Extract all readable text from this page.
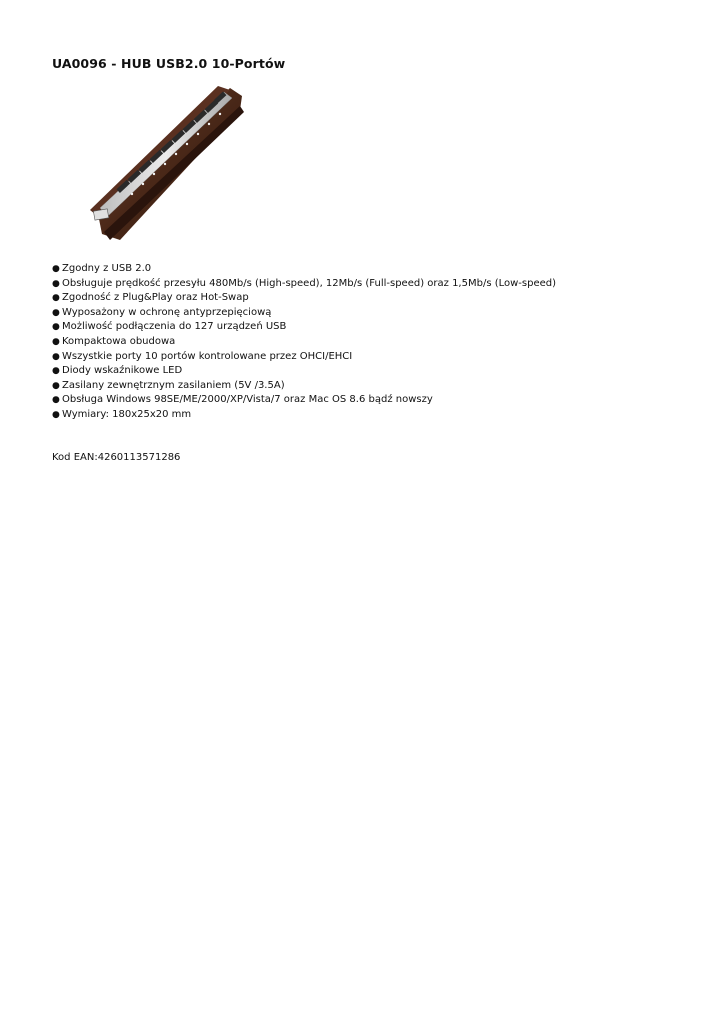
UA0096 - HUB USB2.0 10-Portów
● Zgodny z USB 2.0
● Obsługuje prędkość przesyłu 480Mb/s (High-speed), 12Mb/s (Full-speed) oraz 1,5Mb/s (Low-speed)
● Zgodność z Plug&Play oraz Hot-Swap
● Wyposażony w ochronę antyprzepięciową
● Możliwość podłączenia do 127 urządzeń USB
● Kompaktowa obudowa
● Wszystkie porty 10 portów kontrolowane przez OHCI/EHCI
● Diody wskaźnikowe LED
● Zasilany zewnętrznym zasilaniem (5V /3.5A)
● Obsługa Windows 98SE/ME/2000/XP/Vista/7 oraz Mac OS 8.6 bądź nowszy
● Wymiary: 180x25x20 mm
Kod EAN:4260113571286
